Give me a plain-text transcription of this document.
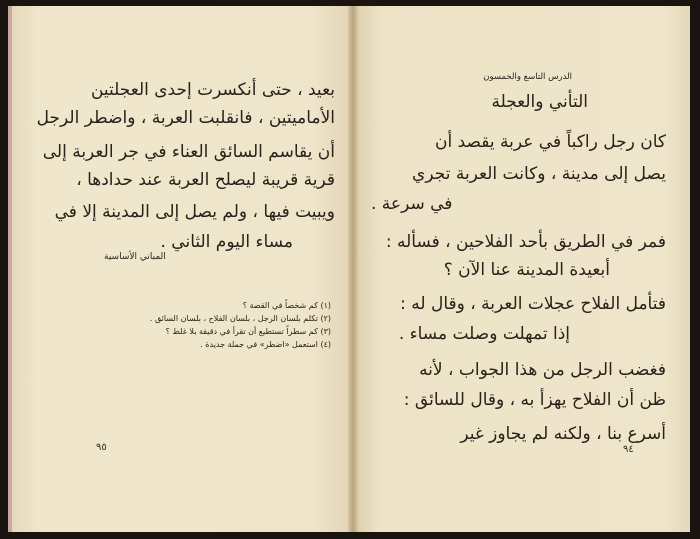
بعيد ، حتى أنكسرت إحدى العجلتين
الأماميتين ، فانقلبت العربة ، واضطر الرجل
أن يقاسم السائق العناء في جر العربة إلى
قرية قريبة ليصلح العربة عند حدادها ،
ويبيت فيها ، ولم يصل إلى المدينة إلا في
مساء اليوم الثاني .
المباني الأساسية
(١) كم شخصاً في القصة ؟
(٢) تكلم بلسان الرجل ، بلسان الفلاح ، بلسان السائق .
(٣) كم سطراً تستطيع أن تقرأ في دقيقة بلا غلط ؟
(٤) استعمل «اضطر» في جملة جديدة .
٩٥
الدرس التاسع والخمسون
التأني والعجلة
كان رجل راكباً في عربة يقصد أن
يصل إلى مدينة ، وكانت العربة تجري
في سرعة .
فمر في الطريق بأحد الفلاحين ، فسأله :
أبعيدة المدينة عنا الآن ؟
فتأمل الفلاح عجلات العربة ، وقال له :
إذا تمهلت وصلت مساء .
فغضب الرجل من هذا الجواب ، لأنه
ظن أن الفلاح يهزأ به ، وقال للسائق :
أسرع بنا ، ولكنه لم يجاوز غير
٩٤
